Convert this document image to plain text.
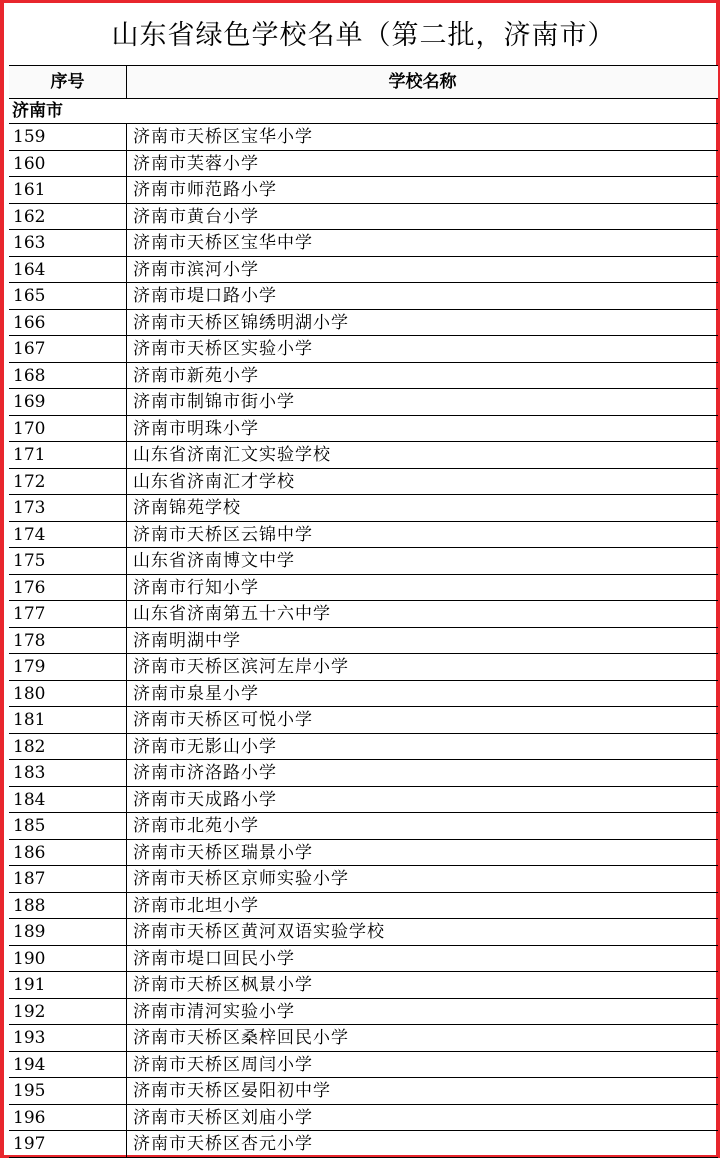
山东省绿色学校名单（第二批，济南市）
序号	学校名称
济南市
159	济南市天桥区宝华小学
160	济南市芙蓉小学
161	济南市师范路小学
162	济南市黄台小学
163	济南市天桥区宝华中学
164	济南市滨河小学
165	济南市堤口路小学
166	济南市天桥区锦绣明湖小学
167	济南市天桥区实验小学
168	济南市新苑小学
169	济南市制锦市街小学
170	济南市明珠小学
171	山东省济南汇文实验学校
172	山东省济南汇才学校
173	济南锦苑学校
174	济南市天桥区云锦中学
175	山东省济南博文中学
176	济南市行知小学
177	山东省济南第五十六中学
178	济南明湖中学
179	济南市天桥区滨河左岸小学
180	济南市泉星小学
181	济南市天桥区可悦小学
182	济南市无影山小学
183	济南市济洛路小学
184	济南市天成路小学
185	济南市北苑小学
186	济南市天桥区瑞景小学
187	济南市天桥区京师实验小学
188	济南市北坦小学
189	济南市天桥区黄河双语实验学校
190	济南市堤口回民小学
191	济南市天桥区枫景小学
192	济南市清河实验小学
193	济南市天桥区桑梓回民小学
194	济南市天桥区周闫小学
195	济南市天桥区晏阳初中学
196	济南市天桥区刘庙小学
197	济南市天桥区杏元小学
